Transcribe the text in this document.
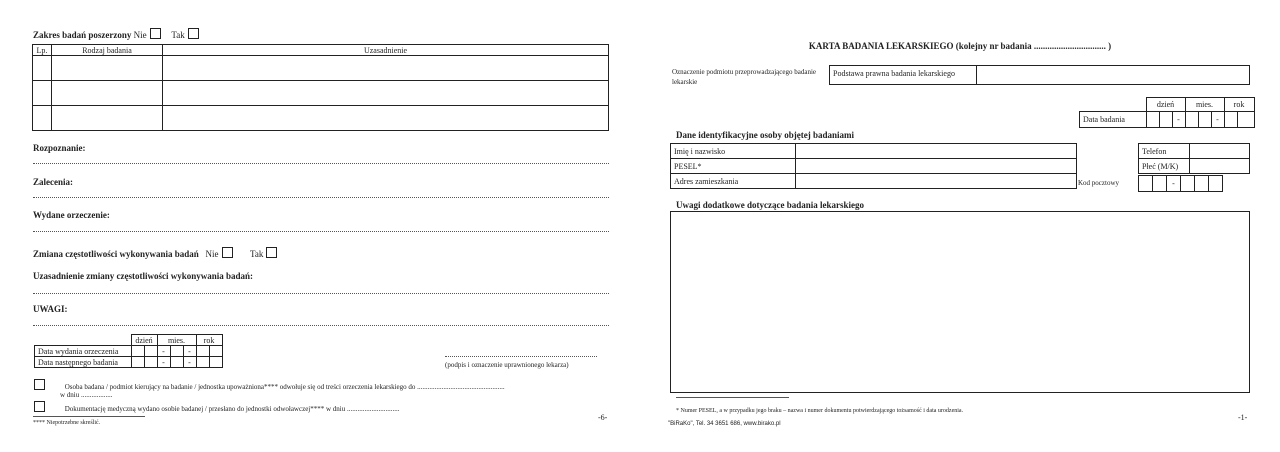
Zakres badań poszerzony Nie	Tak
Lp.	Rodzaj badania	Uzasadnienie

Rozpoznanie:
Zalecenia:
Wydane orzeczenie:
Zmiana częstotliwości wykonywania badań Nie	Tak
Uzasadnienie zmiany częstotliwości wykonywania badań:
UWAGI:
	dzień		mies.			rok	
Data wydania orzeczenia			-		-		
Data następnego badania			-		-			(podpis i oznaczenie uprawnionego lekarza)
Osoba badana / podmiot kierujący na badanie / jednostka upoważniona**** odwołuje się od treści orzeczenia lekarskiego do ..................................................
w dniu ..................
Dokumentację medyczną wydano osobie badanej / przesłano do jednostki odwoławczej**** w dniu ..............................
**** Niepotrzebne skreślić.
-6-
KARTA BADANIA LEKARSKIEGO (kolejny nr badania ................................ )
Oznaczenie podmiotu przeprowadzającego badanie lekarskie
Podstawa prawna badania lekarskiego	
	dzień			mies.			rok	
Data badania			-			-		
Dane identyfikacyjne osoby objętej badaniami
Imię i nazwisko	
PESEL*	
Adres zamieszkania	
Telefon	
Płeć (M/K)	
Kod pocztowy
			-			
Uwagi dodatkowe dotyczące badania lekarskiego
* Numer PESEL, a w przypadku jego braku – nazwa i numer dokumentu potwierdzającego tożsamość i data urodzenia.
"BiRaKo", Tel. 34 3651 686, www.birako.pl
-1-
